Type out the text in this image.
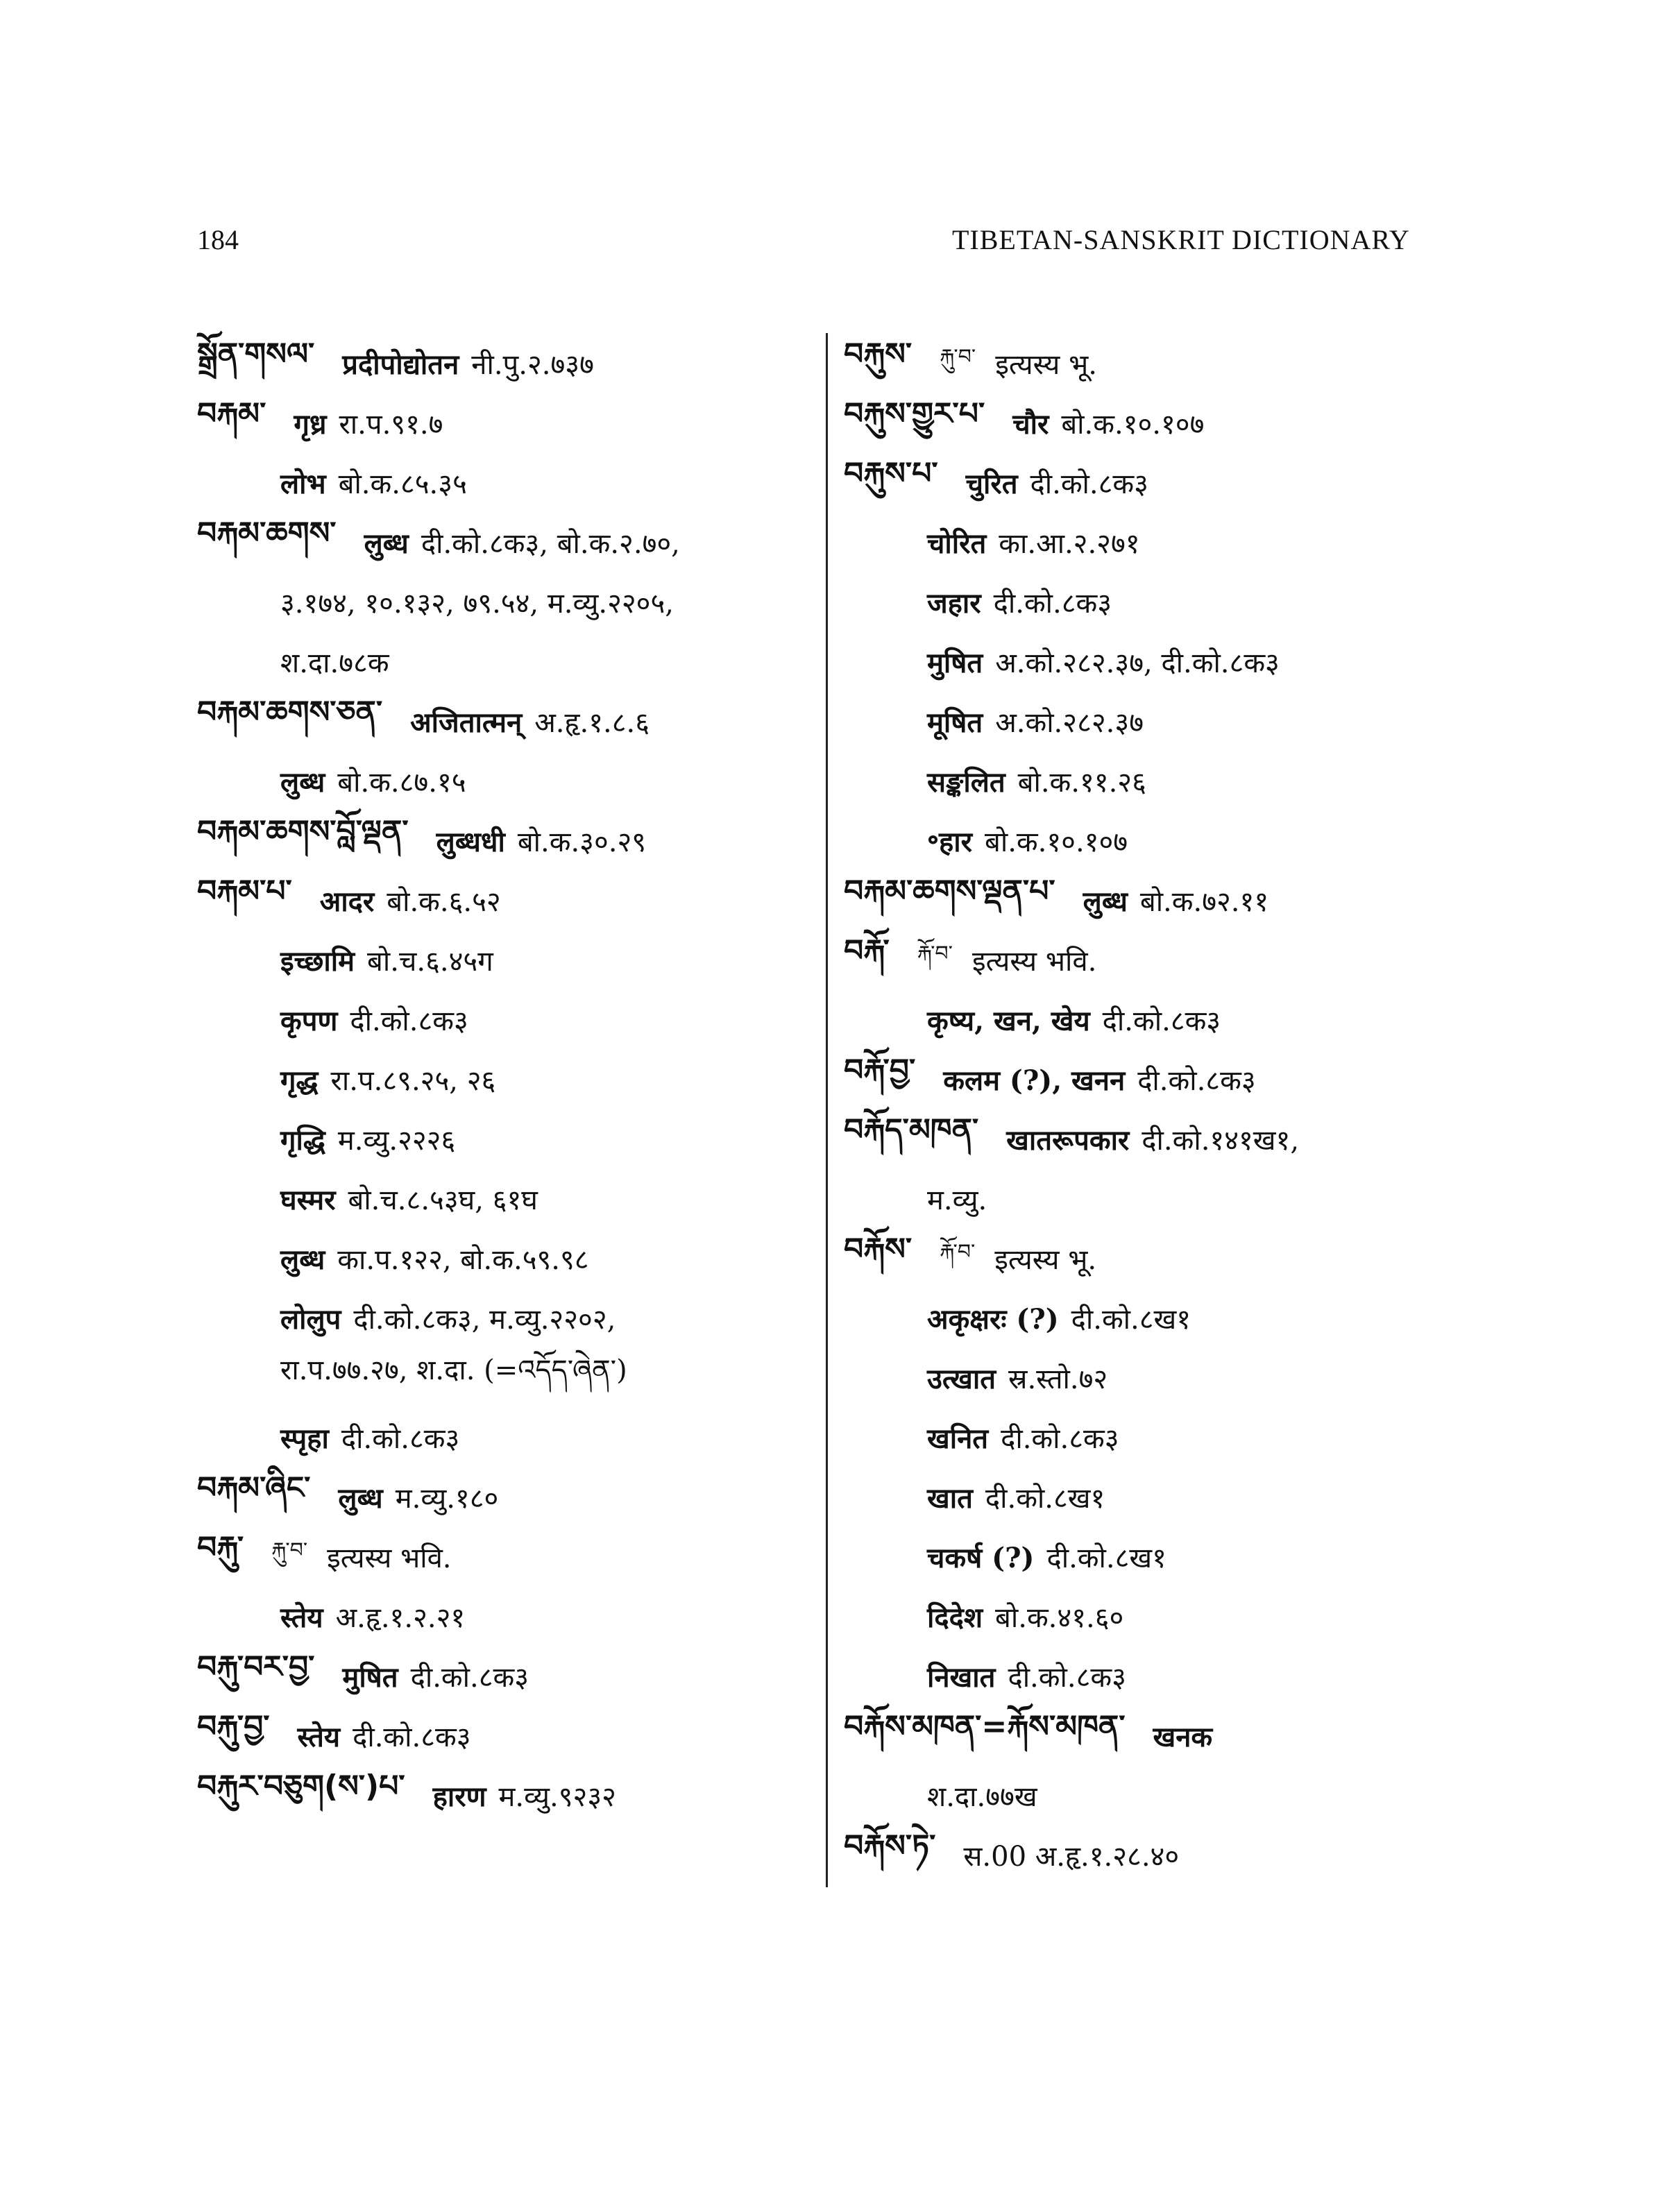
184	TIBETAN-SANSKRIT DICTIONARY
སྒྲོན་གསལ་ प्रदीपोद्योतन नी.पु.२.७३७
བརྐམ་ गृध्र रा.प.९१.७
लोभ बो.क.८५.३५
བརྐམ་ཆགས་ लुब्ध दी.को.८क३, बो.क.२.७०,
३.१७४, १०.१३२, ७९.५४, म.व्यु.२२०५,
श.दा.७८क
བརྐམ་ཆགས་ཅན་ अजितात्मन् अ.हृ.१.८.६
लुब्ध बो.क.८७.१५
བརྐམ་ཆགས་བློ་ལྡན་ लुब्धधी बो.क.३०.२९
བརྐམ་པ་ आदर बो.क.६.५२
इच्छामि बो.च.६.४५ग
कृपण दी.को.८क३
गृद्ध रा.प.८९.२५, २६
गृद्धि म.व्यु.२२२६
घस्मर बो.च.८.५३घ, ६१घ
लुब्ध का.प.१२२, बो.क.५९.९८
लोलुप दी.को.८क३, म.व्यु.२२०२,
रा.प.७७.२७, श.दा. (=འདོད་ཞེན་)
स्पृहा दी.को.८क३
བརྐམ་ཞིང་ लुब्ध म.व्यु.१८०
བརྐུ་ རྐུ་བ་ इत्यस्य भवि.
स्तेय अ.हृ.१.२.२१
བརྐུ་བར་བྱ་ मुषित दी.को.८क३
བརྐུ་བྱ་ स्तेय दी.को.८क३
བརྐུར་བཅུག(ས་)པ་ हारण म.व्यु.९२३२
བརྐུས་ རྐུ་བ་ इत्यस्य भू.
བརྐུས་གྱུར་པ་ चौर बो.क.१०.१०७
བརྐུས་པ་ चुरित दी.को.८क३
चोरित का.आ.२.२७१
जहार दी.को.८क३
मुषित अ.को.२८२.३७, दी.को.८क३
मूषित अ.को.२८२.३७
सङ्कलित बो.क.११.२६
॰हार बो.क.१०.१०७
བརྐམ་ཆགས་ལྡན་པ་ लुब्ध बो.क.७२.११
བརྐོ་ རྐོ་བ་ इत्यस्य भवि.
कृष्य, खन, खेय दी.को.८क३
བརྐོ་བྱ་ कलम (?), खनन दी.को.८क३
བརྐོད་མཁན་ खातरूपकार दी.को.१४१ख१,
म.व्यु.
བརྐོས་ རྐོ་བ་ इत्यस्य भू.
अकृक्षरः (?) दी.को.८ख१
उत्खात स्र.स्तो.७२
खनित दी.को.८क३
खात दी.को.८ख१
चकर्ष (?) दी.को.८ख१
दिदेश बो.क.४१.६०
निखात दी.को.८क३
བརྐོས་མཁན་=རྐོས་མཁན་ खनक
श.दा.७७ख
བརྐོས་ཏེ་ स.00 अ.हृ.१.२८.४०
